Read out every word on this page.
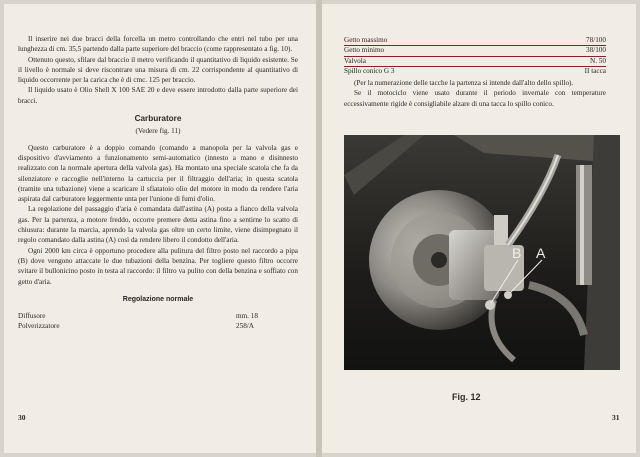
Il inserire nei due bracci della forcella un metro controllando che entri nel tubo per una lunghezza di cm. 35,5 partendo dalla parte superiore del braccio (come rappresentato a fig. 10).

Ottenuto questo, sfilare dal braccio il metro verificando il quantitativo di liquido esistente. Se il livello è normale si deve riscontrare una misura di cm. 22 corrispondente al quantitativo di liquido occorrente per la carica che è di cmc. 125 per braccio.

Il liquido usato è Olio Shell X 100 SAE 20 e deve essere introdotto dalla parte superiore dei bracci.

Carburatore
(Vedere fig. 11)

Questo carburatore è a doppio comando (comando a manopola per la valvola gas e dispositivo d'avviamento a funzionamento semi-automatico (innesto a mano e disinnesto realizzato con la normale apertura della valvola gas). Ha montato una speciale scatola che fa da silenziatore e raccoglie nell'interno la cartuccia per il filtraggio dell'aria; in questa scatola (tramite una tubazione) viene a scaricare il sfiatatoio olio del motore in modo da rendere l'aria aspirata dal carburatore leggermente unta per l'unione di fumi d'olio.

La regolazione del passaggio d'aria è comandata dall'astina (A) posta a fianco della valvola gas. Per la partenza, a motore freddo, occorre premere detta astina fino a sentirne lo scatto di chiusura: durante la marcia, aprendo la valvola gas oltre un certo limite, viene disimpegnato il regolo comandato dalla astina (A) così da rendere libero il condotto dell'aria.

Ogni 2000 km circa è opportuno procedere alla pulitura del filtro posto nel raccordo a pipa (B) dove vengono attaccate le due tubazioni della benzina. Per togliere questo filtro occorre svitare il bullonicino posto in testa al raccordo: il filtro va pulito con della benzina e soffiato con getto d'aria.

Regolazione normale
Diffusore	mm. 18
Polverizzatore	258/A
30
Getto massimo	78/100
Getto minimo	38/100
Valvola	N. 50
Spillo conico G 3	II tacca

(Per la numerazione delle tacche la partenza si intende dall'alto dello spillo).

Se il motociclo viene usato durante il periodo invernale con temperature eccessivamente rigide è consigliabile alzare di una tacca lo spillo conico.

B A
Fig. 12
31
